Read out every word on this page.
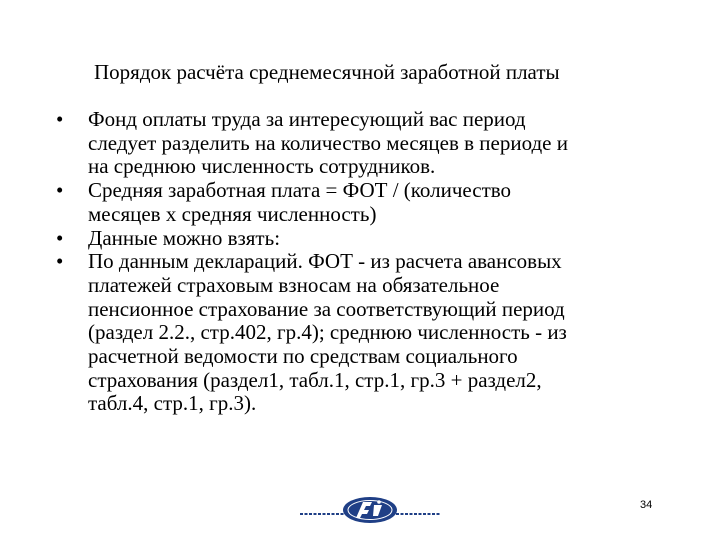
Порядок расчёта среднемесячной заработной платы
•	Фонд оплаты труда за интересующий вас период
следует разделить на количество месяцев в периоде и
на среднюю численность сотрудников.
•	Средняя заработная плата = ФОТ / (количество
месяцев х средняя численность)
•	Данные можно взять:
•	По данным деклараций. ФОТ - из расчета авансовых
платежей страховым взносам на обязательное
пенсионное страхование за соответствующий период
(раздел 2.2., стр.402, гр.4); среднюю численность - из
расчетной ведомости по средствам социального
страхования (раздел1, табл.1, стр.1, гр.3 + раздел2,
табл.4, стр.1, гр.3).
34
